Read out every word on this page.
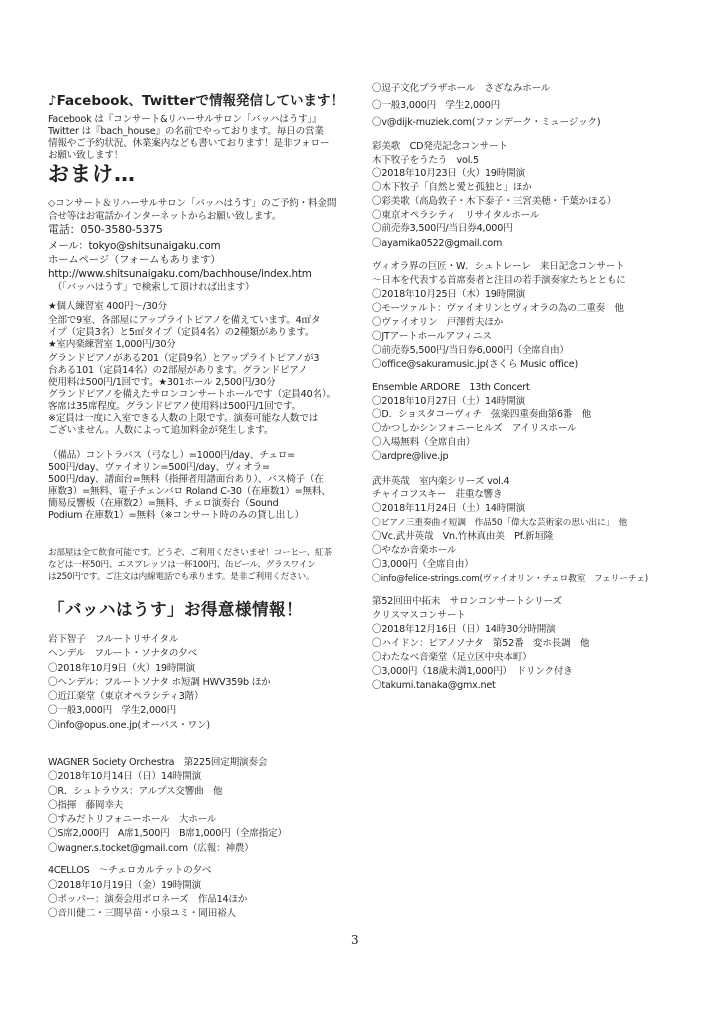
♪Facebook、Twitterで情報発信しています！
Facebook は『コンサート&リハーサルサロン「バッハはうす」』
Twitter は『bach_house』の名前でやっております。毎日の営業
情報やご予約状況、休業案内なども書いております！是非フォロー
お願い致します！
おまけ…
◇コンサート＆リハーサルサロン「バッハはうす」のご予約・料金問
合せ等はお電話かインターネットからお願い致します。
電話：050-3580-5375
メール：tokyo@shitsunaigaku.com
ホームページ（フォームもあります）
http://www.shitsunaigaku.com/bachhouse/index.htm
　（「バッハはうす」で検索して頂ければ出ます）
★個人練習室 400円～/30分
全部で9室、各部屋にアップライトピアノを備えています。4㎡タ
イプ（定員3名）と5㎡タイプ（定員4名）の2種類があります。
★室内楽練習室 1,000円/30分
グランドピアノがある201（定員9名）とアップライトピアノが3
台ある101（定員14名）の2部屋があります。グランドピアノ
使用料は500円/1回です。★301ホール 2,500円/30分
グランドピアノを備えたサロンコンサートホールです（定員40名）。
客席は35席程度。グランドピアノ使用料は500円/1回です。
※定員は一度に入室できる人数の上限です。演奏可能な人数では
ございません。人数によって追加料金が発生します。
（備品）コントラバス（弓なし）=1000円/day、チェロ=
500円/day、ヴァイオリン=500円/day、ヴィオラ=
500円/day、譜面台=無料（指揮者用譜面台あり）、バス椅子（在
庫数3）=無料、電子チェンバロ Roland C-30（在庫数1）=無料、
簡易反響板（在庫数2）=無料、チェロ演奏台（Sound
Podium 在庫数1）=無料（※コンサート時のみの貸し出し）
お部屋は全て飲食可能です。どうぞ、ご利用くださいませ！コーヒー、紅茶
などは一杯50円、エスプレッソは一杯100円、缶ビール、グラスワイン
は250円です。ご注文は内線電話でも承ります。是非ご利用ください。
「バッハはうす」お得意様情報！
岩下智子　フルートリサイタル
ヘンデル　フルート・ソナタの夕べ
〇2018年10月9日（火）19時開演
〇ヘンデル：フルートソナタ ホ短調 HWV359b ほか
〇近江楽堂（東京オペラシティ3階）
〇一般3,000円　学生2,000円
〇info@opus.one.jp(オーパス・ワン)
WAGNER Society Orchestra　第225回定期演奏会
〇2018年10月14日（日）14時開演
〇R．シュトラウス：アルプス交響曲　他
〇指揮　藤岡幸夫
〇すみだトリフォニーホール　大ホール
〇S席2,000円　A席1,500円　B席1,000円（全席指定）
〇wagner.s.tocket@gmail.com（広報：神農）
4CELLOS　～チェロカルテットの夕べ
〇2018年10月19日（金）19時開演
〇ポッパー：演奏会用ポロネーズ　作品14ほか
〇音川健二・三間早苗・小泉ユミ・岡田裕人
〇逗子文化プラザホール　さざなみホール
〇一般3,000円　学生2,000円
〇v@dijk-muziek.com(ファンデーク・ミュージック)
彩美歌　CD発売記念コンサート
木下牧子をうたう　vol.5
〇2018年10月23日（火）19時開演
〇木下牧子「自然と愛と孤独と」ほか
〇彩美歌（高島敦子・木下泰子・三宮美穂・千葉かほる）
〇東京オペラシティ　リサイタルホール
〇前売券3,500円/当日券4,000円
〇ayamika0522@gmail.com
ヴィオラ界の巨匠・W．シュトレーレ　来日記念コンサート
～日本を代表する首席奏者と注目の若手演奏家たちとともに
〇2018年10月25日（木）19時開演
〇モーツァルト：ヴァイオリンとヴィオラの為の二重奏　他
〇ヴァイオリン　戸澤哲夫ほか
〇JTアートホールアフィニス
〇前売券5,500円/当日券6,000円（全席自由）
〇office@sakuramusic.jp(さくら Music office)
Ensemble ARDORE　13th Concert
〇2018年10月27日（土）14時開演
〇D．ショスタコーヴィチ　弦楽四重奏曲第6番　他
〇かつしかシンフォニーヒルズ　アイリスホール
〇入場無料（全席自由）
〇ardpre@live.jp
武井英哉　室内楽シリーズ vol.4
チャイコフスキー　荘重な響き
〇2018年11月24日（土）14時開演
〇ピアノ三重奏曲イ短調　作品50「偉大な芸術家の思い出に」　他
〇Vc.武井英哉　Vn.竹林真由美　Pf.新垣隆
〇やなか音楽ホール
〇3,000円（全席自由）
〇info@felice-strings.com(ヴァイオリン・チェロ教室　フェリーチェ)
第52回田中拓未　サロンコンサートシリーズ
クリスマスコンサート
〇2018年12月16日（日）14時30分時開演
〇ハイドン：ピアノソナタ　第52番　変ホ長調　他
〇わたなべ音楽堂（足立区中央本町）
〇3,000円（18歳未満1,000円）　ドリンク付き
〇takumi.tanaka@gmx.net
3
